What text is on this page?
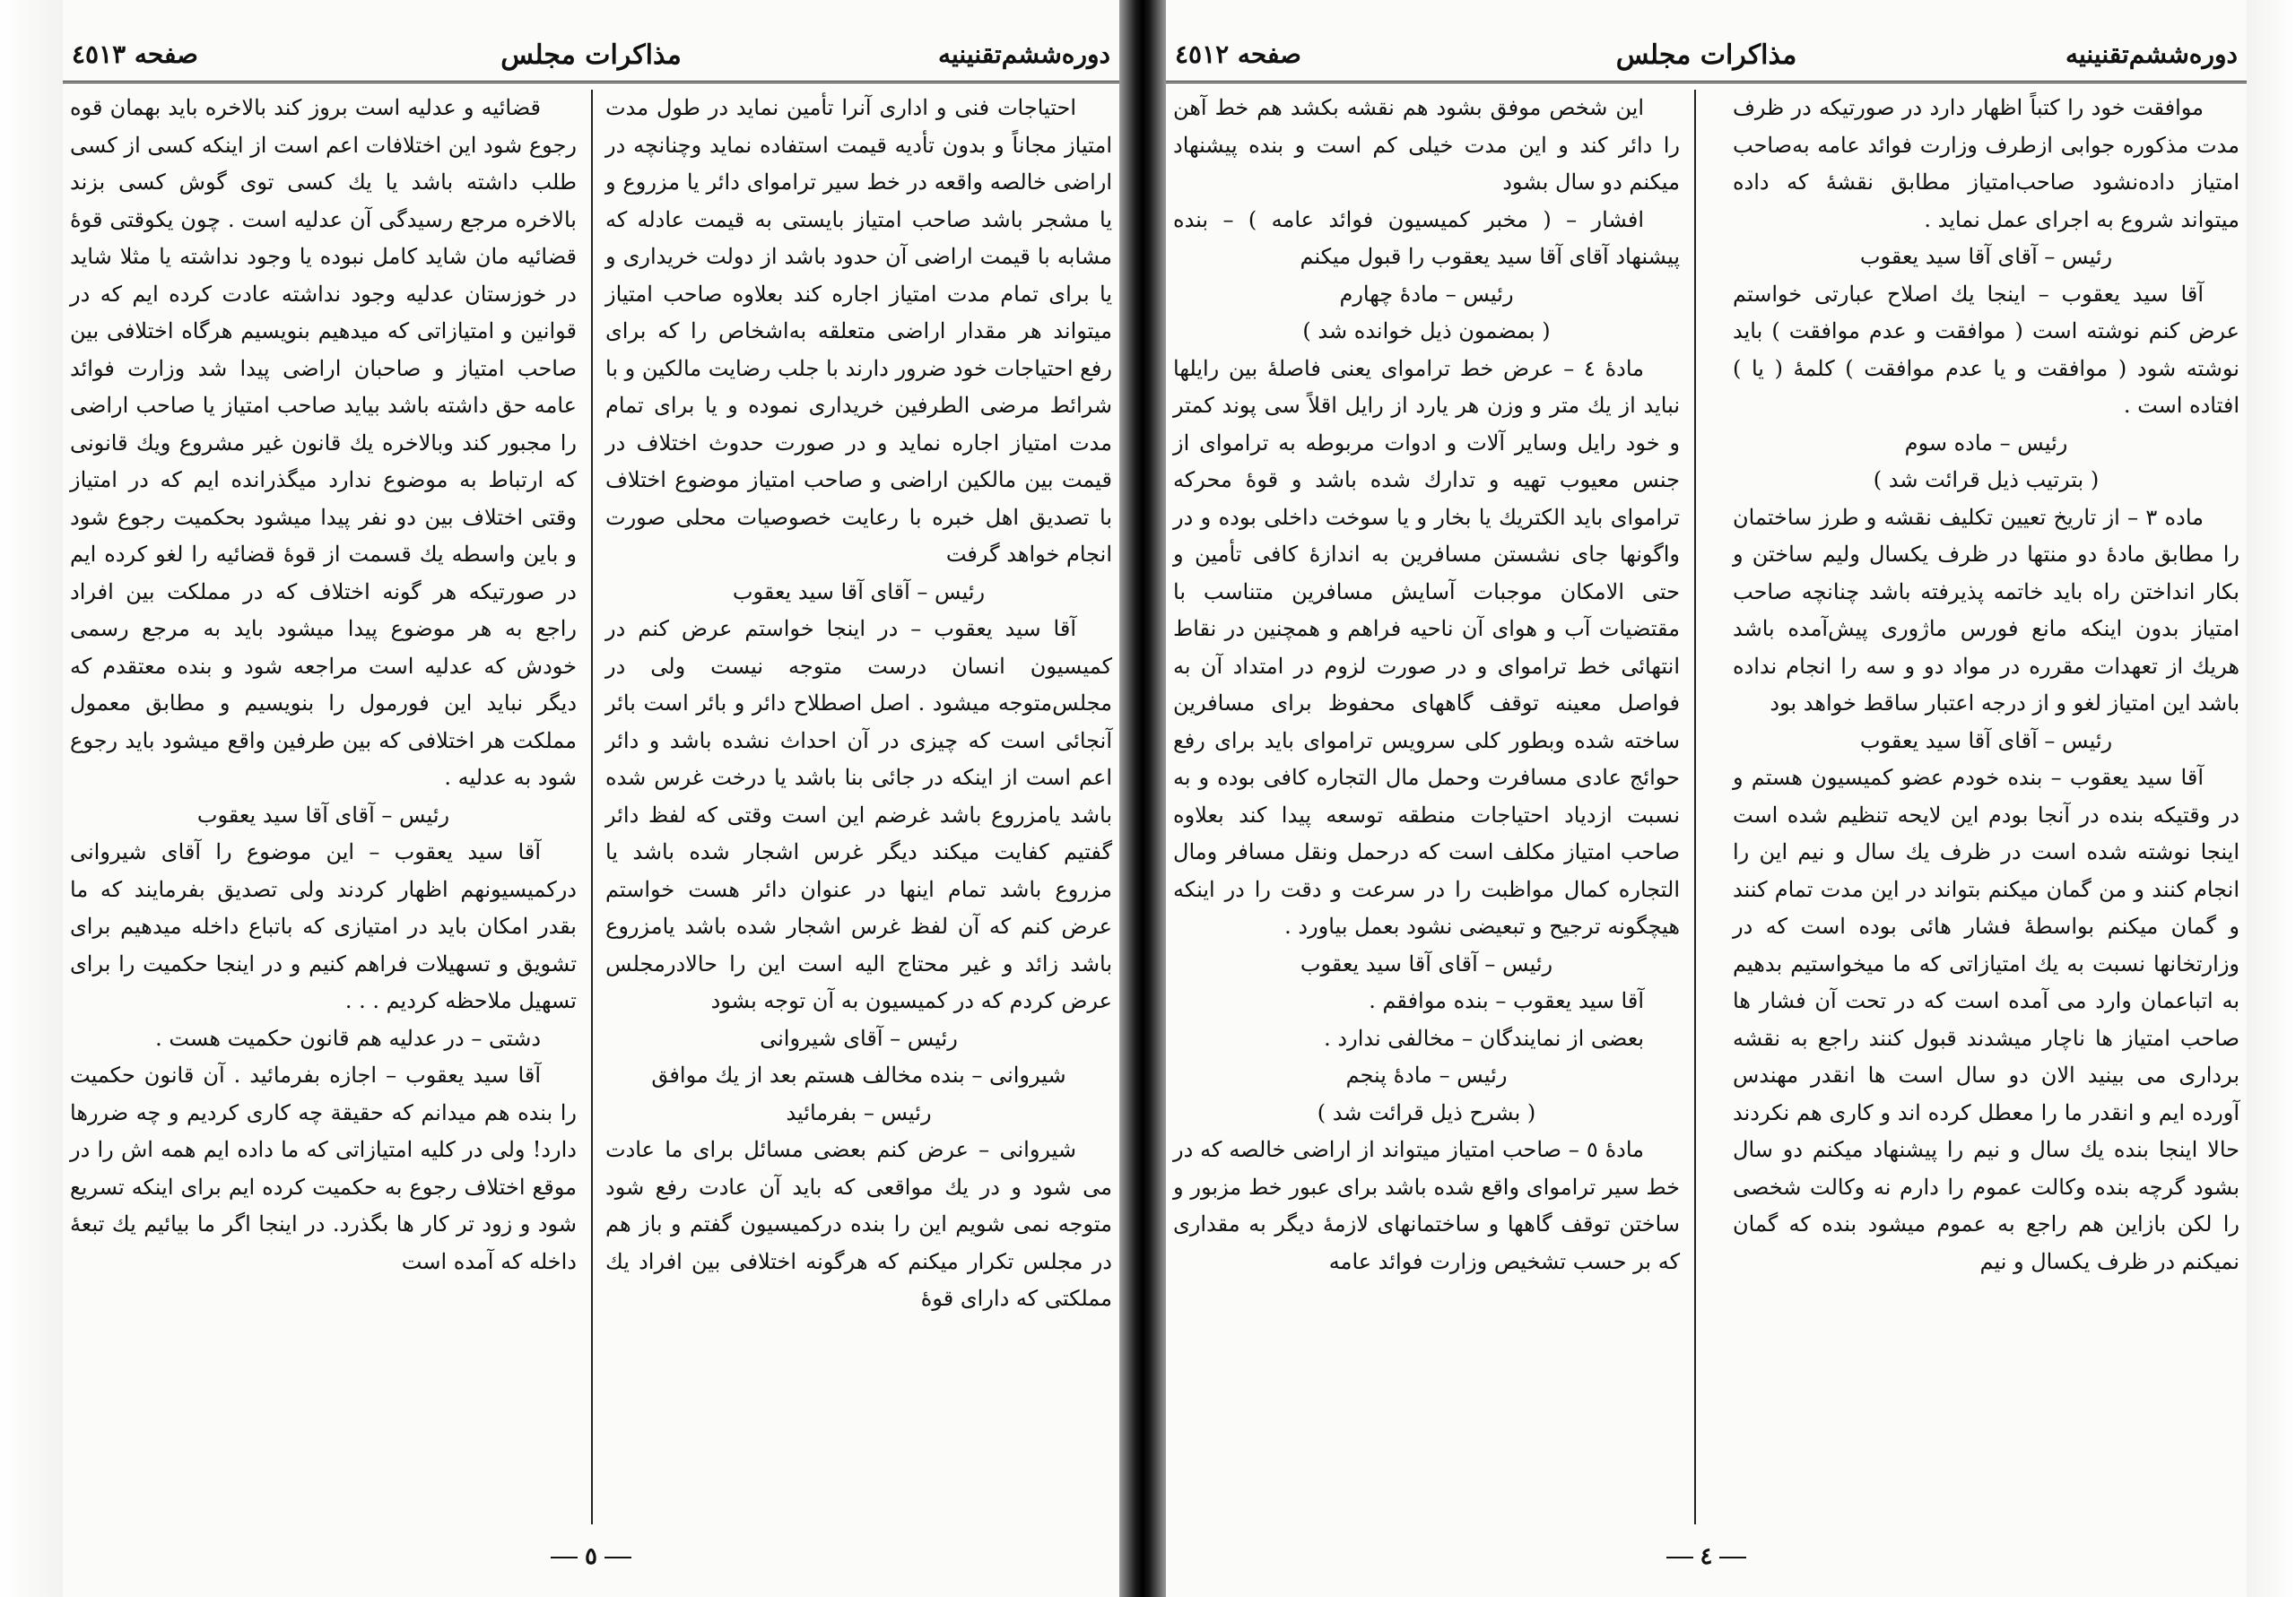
دوره‌ششم‌تقنینیه
مذاکرات مجلس
صفحه ٤٥١٣

احتیاجات فنی و اداری آنرا تأمین نماید در طول مدت امتیاز مجاناً و بدون تأدیه قیمت استفاده نماید وچنانچه در اراضی خالصه واقعه در خط سیر تراموای دائر یا مزروع و یا مشجر باشد صاحب امتیاز بایستی به قیمت عادله که مشابه با قیمت اراضی آن حدود باشد از دولت خریداری و یا برای تمام مدت امتیاز اجاره کند بعلاوه صاحب امتیاز میتواند هر مقدار اراضی متعلقه به‌اشخاص را که برای رفع احتیاجات خود ضرور دارند با جلب رضایت مالکین و با شرائط مرضی الطرفین خریداری نموده و یا برای تمام مدت امتیاز اجاره نماید و در صورت حدوث اختلاف در قیمت بین مالکین اراضی و صاحب امتیاز موضوع اختلاف با تصدیق اهل خبره با رعایت خصوصیات محلی صورت انجام خواهد گرفت

رئیس – آقای آقا سید یعقوب

آقا سید یعقوب – در اینجا خواستم عرض کنم در کمیسیون انسان درست متوجه نیست ولی در مجلس‌متوجه میشود . اصل اصطلاح دائر و بائر است بائر آنجائی است که چیزی در آن احداث نشده باشد و دائر اعم است از اینکه در جائی بنا باشد یا درخت غرس شده باشد یامزروع باشد غرضم این است وقتی که لفظ دائر گفتیم کفایت میکند دیگر غرس اشجار شده باشد یا مزروع باشد تمام اینها در عنوان دائر هست خواستم عرض کنم که آن لفظ غرس اشجار شده باشد یامزروع باشد زائد و غیر محتاج الیه است این را حالادرمجلس عرض کردم که در کمیسیون به آن توجه بشود

رئیس – آقای شیروانی

شیروانی – بنده مخالف هستم بعد از یك موافق

رئیس – بفرمائید

شیروانی – عرض کنم بعضی مسائل برای ما عادت می شود و در یك مواقعی که باید آن عادت رفع شود متوجه نمی شویم این را بنده درکمیسیون گفتم و باز هم در مجلس تکرار میکنم که هرگونه اختلافی بین افراد یك مملکتی که دارای قوهٔ

قضائیه و عدلیه است بروز کند بالاخره باید بهمان قوه رجوع شود این اختلافات اعم است از اینکه کسی از کسی طلب داشته باشد یا یك کسی توی گوش کسی بزند بالاخره مرجع رسیدگی آن عدلیه است . چون یکوقتی قوهٔ قضائیه مان شاید کامل نبوده یا وجود نداشته یا مثلا شاید در خوزستان عدلیه وجود نداشته عادت کرده ایم که در قوانین و امتیازاتی که میدهیم بنویسیم هرگاه اختلافی بین صاحب امتیاز و صاحبان اراضی پیدا شد وزارت فوائد عامه حق داشته باشد بیاید صاحب امتیاز یا صاحب اراضی را مجبور کند وبالاخره یك قانون غیر مشروع ویك قانونی که ارتباط به موضوع ندارد میگذرانده ایم که در امتیاز وقتی اختلاف بین دو نفر پیدا میشود بحکمیت رجوع شود و باین واسطه یك قسمت از قوهٔ قضائیه را لغو کرده ایم در صورتیکه هر گونه اختلاف که در مملکت بین افراد راجع به هر موضوع پیدا میشود باید به مرجع رسمی خودش که عدلیه است مراجعه شود و بنده معتقدم که دیگر نباید این فورمول را بنویسیم و مطابق معمول مملکت هر اختلافی که بین طرفین واقع میشود باید رجوع شود به عدلیه .

رئیس – آقای آقا سید یعقوب

آقا سید یعقوب – این موضوع را آقای شیروانی درکمیسیونهم اظهار کردند ولی تصدیق بفرمایند که ما بقدر امکان باید در امتیازی که باتباع داخله میدهیم برای تشویق و تسهیلات فراهم کنیم و در اینجا حکمیت را برای تسهیل ملاحظه کردیم . . .

دشتی – در عدلیه هم قانون حکمیت هست .

آقا سید یعقوب – اجازه بفرمائید . آن قانون حکمیت را بنده هم میدانم که حقیقة چه کاری کردیم و چه ضررها دارد! ولی در کلیه امتیازاتی که ما داده ایم همه اش را در موقع اختلاف رجوع به حکمیت کرده ایم برای اینکه تسریع شود و زود تر کار ها بگذرد. در اینجا اگر ما بیائیم یك تبعهٔ داخله که آمده است

٥
دوره‌ششم‌تقنینیه
مذاکرات مجلس
صفحه ٤٥١٢

موافقت خود را کتباً اظهار دارد در صورتیکه در ظرف مدت مذکوره جوابی ازطرف وزارت فوائد عامه به‌صاحب امتیاز داده‌نشود صاحب‌امتیاز مطابق نقشهٔ که داده میتواند شروع به اجرای عمل نماید .

رئیس – آقای آقا سید یعقوب

آقا سید یعقوب – اینجا یك اصلاح عبارتی خواستم عرض کنم نوشته است ( موافقت و عدم موافقت ) باید نوشته شود ( موافقت و یا عدم موافقت ) کلمهٔ ( یا ) افتاده است .

رئیس – ماده سوم

( بترتیب ذیل قرائت شد )

ماده ٣ – از تاریخ تعیین تکلیف نقشه و طرز ساختمان را مطابق مادهٔ دو منتها در ظرف یکسال ولیم ساختن و بکار انداختن راه باید خاتمه پذیرفته باشد چنانچه صاحب امتیاز بدون اینکه مانع فورس ماژوری پیش‌آمده باشد هریك از تعهدات مقرره در مواد دو و سه را انجام نداده باشد این امتیاز لغو و از درجه اعتبار ساقط خواهد بود

رئیس – آقای آقا سید یعقوب

آقا سید یعقوب – بنده خودم عضو کمیسیون هستم و در وقتیکه بنده در آنجا بودم این لایحه تنظیم شده است اینجا نوشته شده است در ظرف یك سال و نیم این را انجام کنند و من گمان میکنم بتواند در این مدت تمام کنند و گمان میکنم بواسطهٔ فشار هائی بوده است که در وزارتخانها نسبت به یك امتیازاتی که ما میخواستیم بدهیم به اتباعمان وارد می آمده است که در تحت آن فشار ها صاحب امتیاز ها ناچار میشدند قبول کنند راجع به نقشه برداری می بینید الان دو سال است ها انقدر مهندس آورده ایم و انقدر ما را معطل کرده اند و کاری هم نکردند حالا اینجا بنده یك سال و نیم را پیشنهاد میکنم دو سال بشود گرچه بنده وکالت عموم را دارم نه وکالت شخصی را لکن بازاین هم راجع به عموم میشود بنده که گمان نمیکنم در ظرف یکسال و نیم

این شخص موفق بشود هم نقشه بکشد هم خط آهن را دائر کند و این مدت خیلی کم است و بنده پیشنهاد میکنم دو سال بشود

افشار – ( مخبر کمیسیون فوائد عامه ) – بنده پیشنهاد آقای آقا سید یعقوب را قبول میکنم

رئیس – مادهٔ چهارم

( بمضمون ذیل خوانده شد )

مادهٔ ٤ – عرض خط تراموای یعنی فاصلهٔ بین رایلها نباید از یك متر و وزن هر یارد از رایل اقلاً سی پوند کمتر و خود رایل وساير آلات و ادوات مربوطه به تراموای از جنس معیوب تهیه و تدارك شده باشد و قوهٔ محرکه تراموای باید الکتریك یا بخار و یا سوخت داخلی بوده و در واگونها جای نشستن مسافرین به اندازهٔ کافی تأمین و حتی الامکان موجبات آسایش مسافرین متناسب با مقتضیات آب و هوای آن ناحیه فراهم و همچنین در نقاط انتهائی خط تراموای و در صورت لزوم در امتداد آن به فواصل معینه توقف گاههای محفوظ برای مسافرین ساخته شده وبطور کلی سرویس تراموای باید برای رفع حوائج عادی مسافرت وحمل مال التجاره کافی بوده و به نسبت ازدیاد احتیاجات منطقه توسعه پیدا کند بعلاوه صاحب امتیاز مکلف است که درحمل ونقل مسافر ومال التجاره کمال مواظبت را در سرعت و دقت را در اینکه هیچگونه ترجیح و تبعیضی نشود بعمل بیاورد .

رئیس – آقای آقا سید یعقوب

آقا سید یعقوب – بنده موافقم .

بعضی از نمایندگان – مخالفی ندارد .

رئیس – مادهٔ پنجم

( بشرح ذیل قرائت شد )

مادهٔ ٥ – صاحب امتیاز میتواند از اراضی خالصه که در خط سیر تراموای واقع شده باشد برای عبور خط مزبور و ساختن توقف گاهها و ساختمانهای لازمهٔ دیگر به مقداری که بر حسب تشخیص وزارت فوائد عامه

٤
